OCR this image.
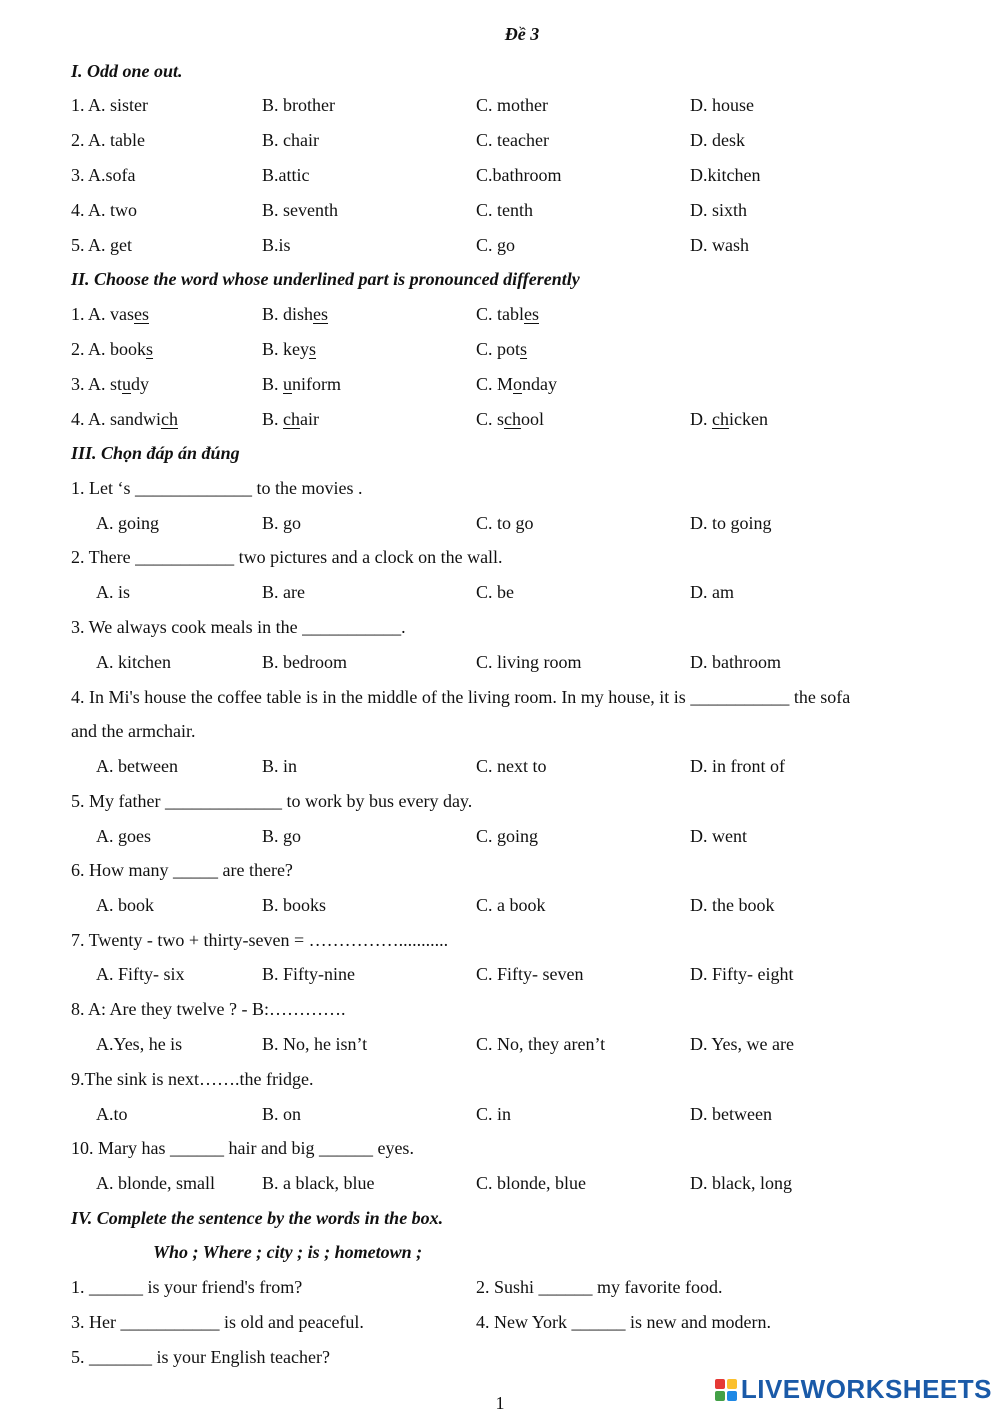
Đề 3
I. Odd one out.
1. A. sister	B. brother	C. mother	D. house
2. A. table	B. chair	C. teacher	D. desk
3. A.sofa	B.attic	C.bathroom	D.kitchen
4. A. two	B. seventh	C. tenth	D. sixth
5. A. get	B.is	C. go	D. wash
II. Choose the word whose underlined part is pronounced differently
1. A. vases	B. dishes	C. tables
2. A. books	B. keys	C. pots
3. A. study	B. uniform	C. Monday
4. A. sandwich	B. chair	C. school	D. chicken
III. Chọn đáp án đúng
1. Let ‘s _____________ to the movies .
A. going	B. go	C. to go	D. to going
2. There ___________ two pictures and a clock on the wall.
A. is	B. are	C. be	D. am
3. We always cook meals in the ___________.
A. kitchen	B. bedroom	C. living room	D. bathroom
4. In Mi's house the coffee table is in the middle of the living room. In my house, it is ___________ the sofa
and the armchair.
A. between	B. in	C. next to	D. in front of
5. My father _____________ to work by bus every day.
A. goes	B. go	C. going	D. went
6. How many _____ are there?
A. book	B. books	C. a book	D. the book
7. Twenty - two + thirty-seven = ……………...........
A. Fifty- six	B. Fifty-nine	C. Fifty- seven	D. Fifty- eight
8. A: Are they twelve ? - B:………….
A.Yes, he is	B. No, he isn’t	C. No, they aren’t	D. Yes, we are
9.The sink is next…….the fridge.
A.to	B. on	C. in	D. between
10. Mary has ______ hair and big ______ eyes.
A. blonde, small	B. a black, blue	C. blonde, blue	D. black, long
IV. Complete the sentence by the words in the box.
Who ; Where ; city ; is ; hometown ;
1. ______ is your friend's from?	2. Sushi ______ my favorite food.
3. Her ___________ is old and peaceful.	4. New York ______ is new and modern.
5. _______ is your English teacher?
1	LIVEWORKSHEETS
